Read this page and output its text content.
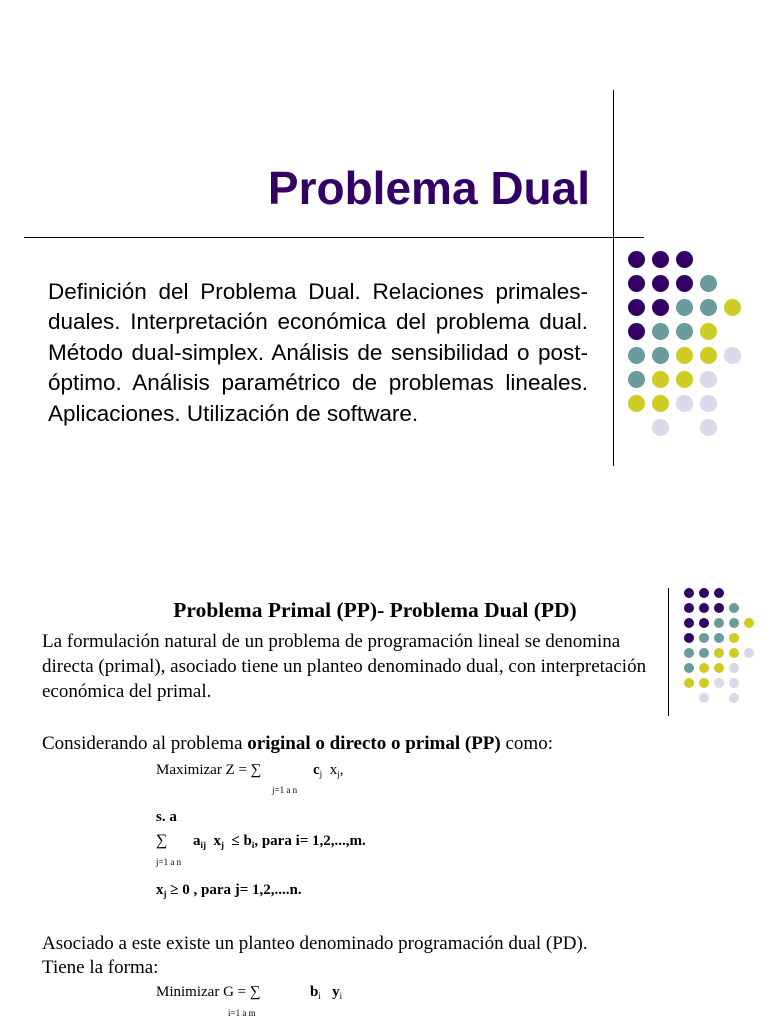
Problema Dual
Definición del Problema Dual. Relaciones primales-duales. Interpretación económica del problema dual. Método dual-simplex. Análisis de sensibilidad o post-óptimo. Análisis paramétrico de problemas lineales. Aplicaciones. Utilización de software.
Problema Primal (PP)- Problema Dual (PD)
La formulación natural de un problema de programación lineal se denomina directa (primal), asociado tiene un planteo denominado dual, con interpretación económica del primal.
Considerando al problema original o directo o primal (PP) como:
Maximizar Z = ∑	$c_j$ $x_j$,
j=1 a n
s. a
∑ $a_{ij}$ $x_j \le b_i$, para i= 1,2,...,m.
j=1 a n
$x_j \ge 0$ , para j= 1,2,....n.
Asociado a este existe un planteo denominado programación dual (PD).
Tiene la forma:
Minimizar G = ∑	$b_i$ $y_i$
i=1 a m
